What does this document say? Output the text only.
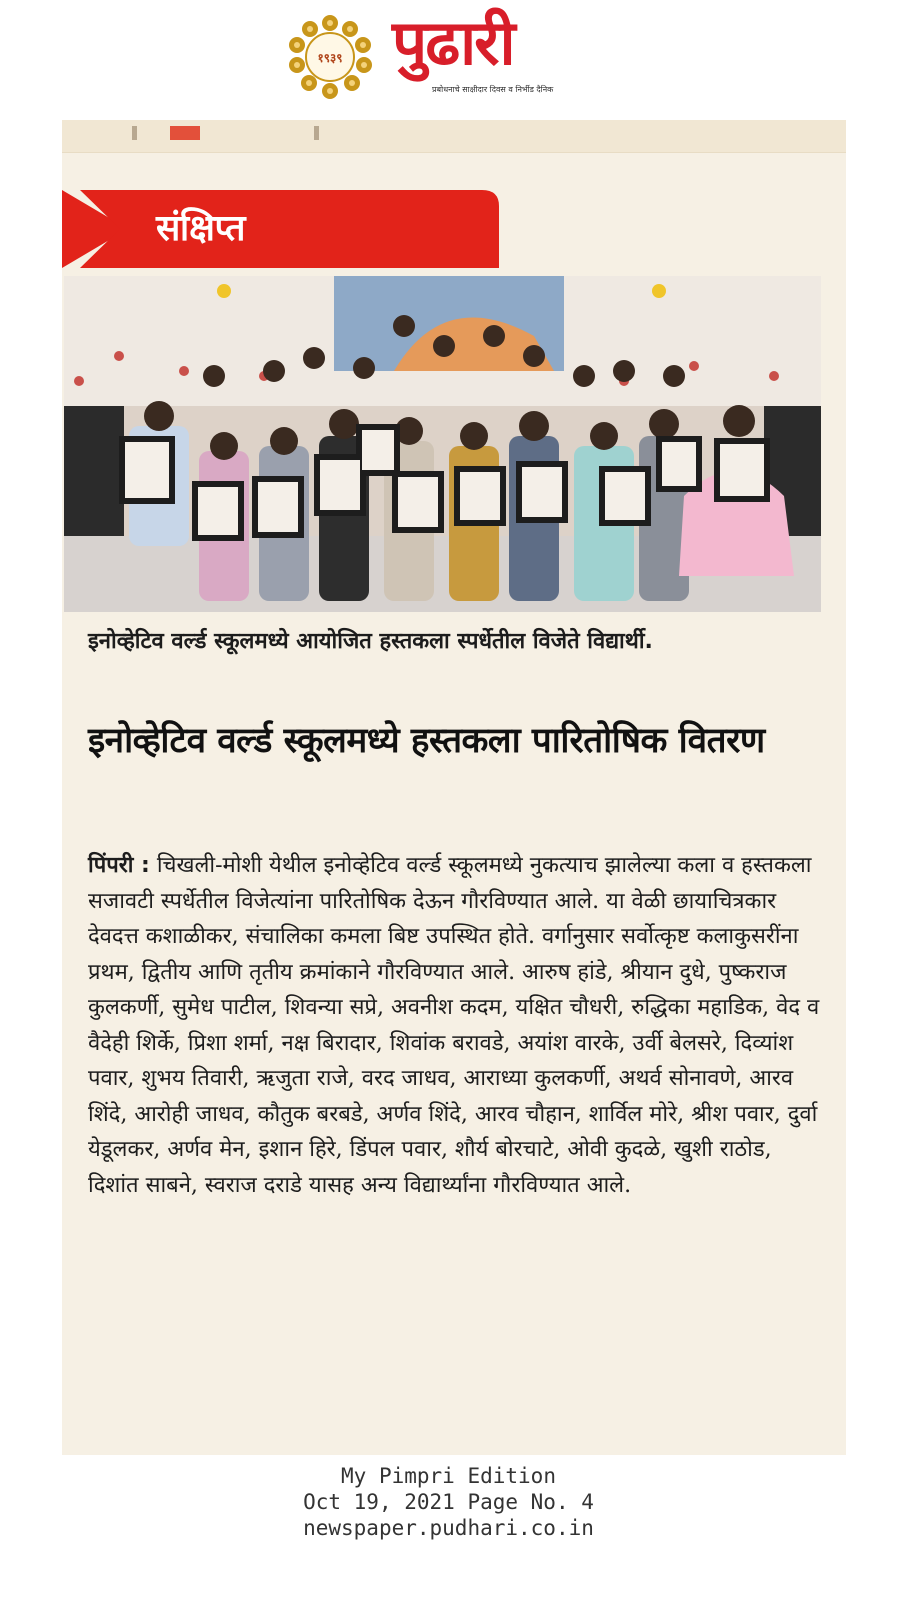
१९३९ पुढारी
प्रबोधनाचे साक्षीदार दिवस व निर्भीड दैनिक
संक्षिप्त
इनोव्हेटिव वर्ल्ड स्कूलमध्ये आयोजित हस्तकला स्पर्धेतील विजेते विद्यार्थी.
इनोव्हेटिव वर्ल्ड स्कूलमध्ये हस्तकला पारितोषिक वितरण
पिंपरी : चिखली-मोशी येथील इनोव्हेटिव वर्ल्ड स्कूलमध्ये नुकत्याच झालेल्या कला व हस्तकला सजावटी स्पर्धेतील विजेत्यांना पारितोषिक देऊन गौरविण्यात आले. या वेळी छायाचित्रकार देवदत्त कशाळीकर, संचालिका कमला बिष्ट उपस्थित होते. वर्गानुसार सर्वोत्कृष्ट कलाकुसरींना प्रथम, द्वितीय आणि तृतीय क्रमांकाने गौरविण्यात आले. आरुष हांडे, श्रीयान दुधे, पुष्कराज कुलकर्णी, सुमेध पाटील, शिवन्या सप्रे, अवनीश कदम, यक्षित चौधरी, रुद्धिका महाडिक, वेद व वैदेही शिर्के, प्रिशा शर्मा, नक्ष बिरादार, शिवांक बरावडे, अयांश वारके, उर्वी बेलसरे, दिव्यांश पवार, शुभय तिवारी, ऋजुता राजे, वरद जाधव, आराध्या कुलकर्णी, अथर्व सोनावणे, आरव शिंदे, आरोही जाधव, कौतुक बरबडे, अर्णव शिंदे, आरव चौहान, शार्विल मोरे, श्रीश पवार, दुर्वा येडूलकर, अर्णव मेन, इशान हिरे, डिंपल पवार, शौर्य बोरचाटे, ओवी कुदळे, खुशी राठोड, दिशांत साबने, स्वराज दराडे यासह अन्य विद्यार्थ्यांना गौरविण्यात आले.
My Pimpri Edition
Oct 19, 2021 Page No. 4
newspaper.pudhari.co.in
